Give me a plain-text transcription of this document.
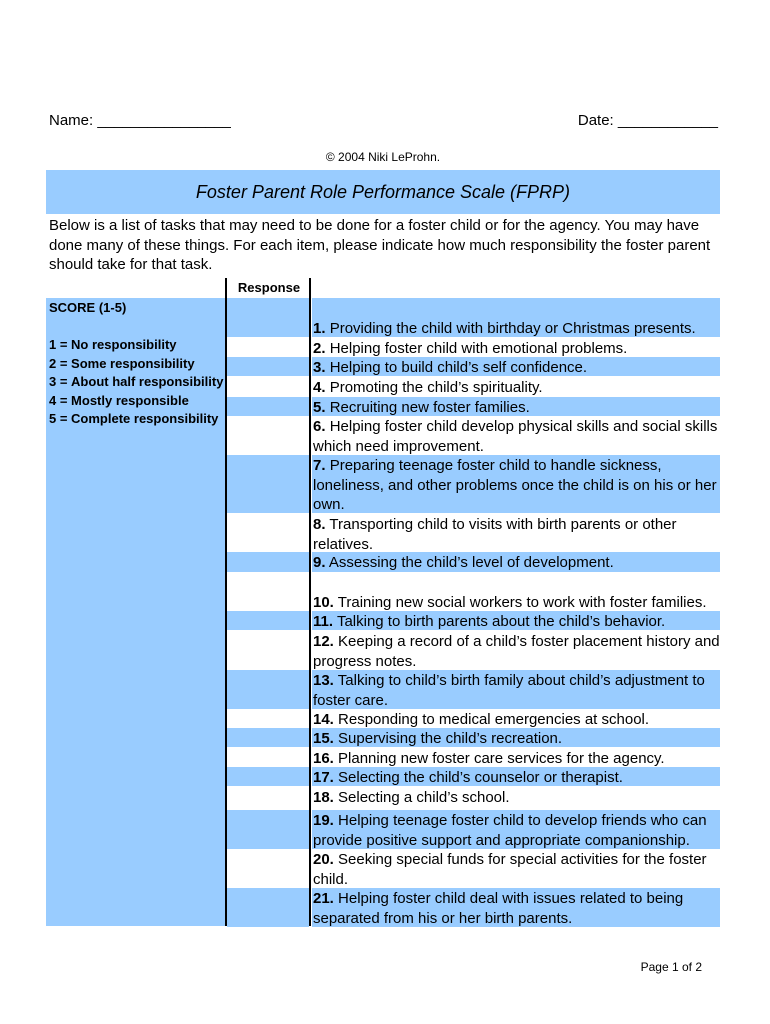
Name: ________________	Date: ____________
© 2004 Niki LeProhn.
Foster Parent Role Performance Scale (FPRP)
Below is a list of tasks that may need to be done for a foster child or for the agency. You may have done many of these things. For each item, please indicate how much responsibility the foster parent should take for that task.
Response
SCORE (1-5)
1 = No responsibility
2 = Some responsibility
3 = About half responsibility
4 = Mostly responsible
5 = Complete responsibility
1. Providing the child with birthday or Christmas presents.
2. Helping foster child with emotional problems.
3. Helping to build child’s self confidence.
4. Promoting the child’s spirituality.
5. Recruiting new foster families.
6. Helping foster child develop physical skills and social skills which need improvement.
7. Preparing teenage foster child to handle sickness, loneliness, and other problems once the child is on his or her own.
8. Transporting child to visits with birth parents or other relatives.
9. Assessing the child’s level of development.
10. Training new social workers to work with foster families.
11. Talking to birth parents about the child’s behavior.
12. Keeping a record of a child’s foster placement history and progress notes.
13. Talking to child’s birth family about child’s adjustment to foster care.
14. Responding to medical emergencies at school.
15. Supervising the child’s recreation.
16. Planning new foster care services for the agency.
17. Selecting the child’s counselor or therapist.
18. Selecting a child’s school.
19. Helping teenage foster child to develop friends who can provide positive support and appropriate companionship.
20. Seeking special funds for special activities for the foster child.
21. Helping foster child deal with issues related to being separated from his or her birth parents.
Page 1 of 2
